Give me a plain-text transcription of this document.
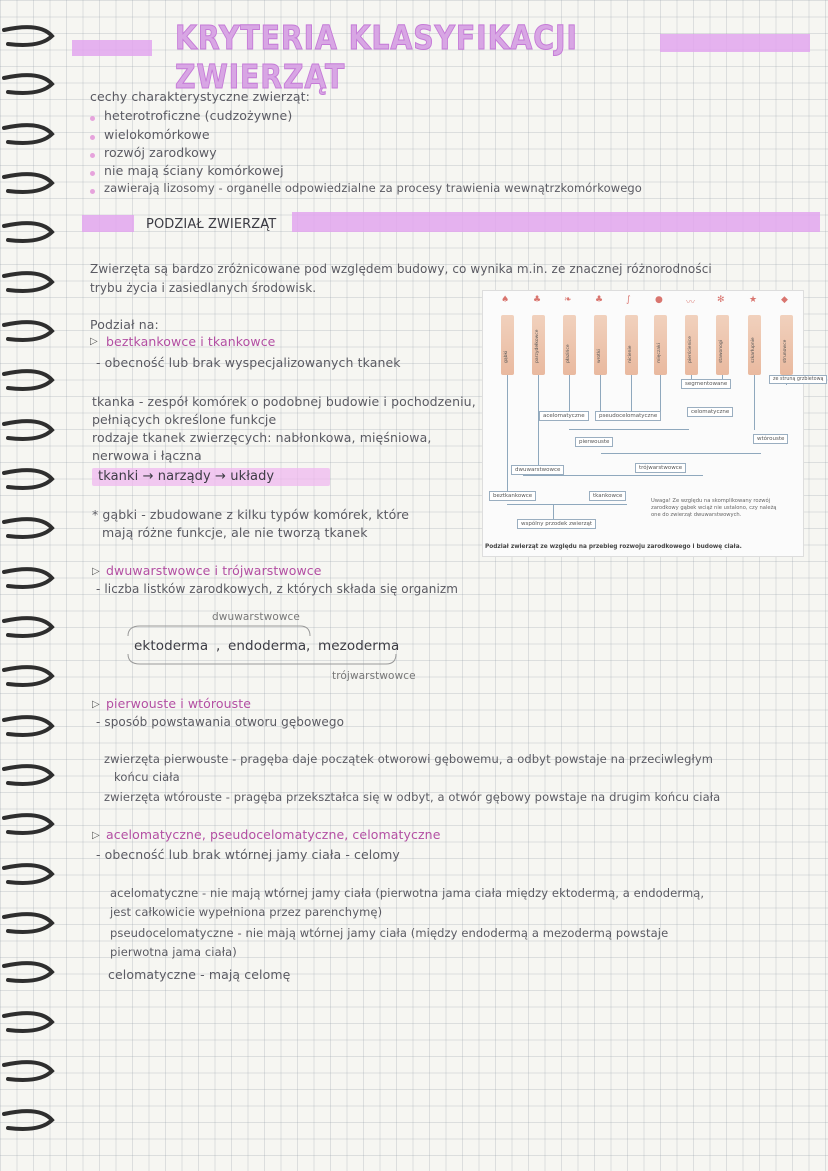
KRYTERIA KLASYFIKACJI ZWIERZĄT
cechy charakterystyczne zwierząt:
heterotroficzne (cudzożywne)
wielokomórkowe
rozwój zarodkowy
nie mają ściany komórkowej
zawierają lizosomy - organelle odpowiedzialne za procesy trawienia wewnątrzkomórkowego
PODZIAŁ ZWIERZĄT
Zwierzęta są bardzo zróżnicowane pod względem budowy, co wynika m.in. ze znacznej różnorodności
trybu życia i zasiedlanych środowisk.
Podział na:
▷ beztkankowce i tkankowce
- obecność lub brak wyspecjalizowanych tkanek
tkanka - zespół komórek o podobnej budowie i pochodzeniu,
pełniących określone funkcje
rodzaje tkanek zwierzęcych: nabłonkowa, mięśniowa,
nerwowa i łączna
tkanki → narządy → układy
* gąbki - zbudowane z kilku typów komórek, które
mają różne funkcje, ale nie tworzą tkanek
♠	♣	❧	♣	∫	●	〰 ✻	★	◆
gąbki	parzydełkowce	płazińce	wrotki	nicienie	mięczaki	pierścienice	stawonogi	szkarłupnie	strunowce
segmentowane
ze struną grzbietową
acelomatyczne	pseudocelomatyczne
celomatyczne
pierwouste	wtórouste
dwuwarstwowce	trójwarstwowce
beztkankowce	tkankowce
wspólny przodek zwierząt
Uwaga! Ze względu na skomplikowany rozwój
zarodkowy gąbek wciąż nie ustalono, czy należą
one do zwierząt dwuwarstwowych.
Podział zwierząt ze względu na przebieg rozwoju zarodkowego i budowę ciała.
▷ dwuwarstwowce i trójwarstwowce
- liczba listków zarodkowych, z których składa się organizm
dwuwarstwowce
ektoderma , endoderma , mezoderma
trójwarstwowce
▷ pierwouste i wtórouste
- sposób powstawania otworu gębowego
zwierzęta pierwouste - pragęba daje początek otworowi gębowemu, a odbyt powstaje na przeciwległym
końcu ciała
zwierzęta wtórouste - pragęba przekształca się w odbyt, a otwór gębowy powstaje na drugim końcu ciała
▷ acelomatyczne, pseudocelomatyczne, celomatyczne
- obecność lub brak wtórnej jamy ciała - celomy
acelomatyczne - nie mają wtórnej jamy ciała (pierwotna jama ciała między ektodermą, a endodermą,
jest całkowicie wypełniona przez parenchymę)
pseudocelomatyczne - nie mają wtórnej jamy ciała (między endodermą a mezodermą powstaje
pierwotna jama ciała)
celomatyczne - mają celomę
